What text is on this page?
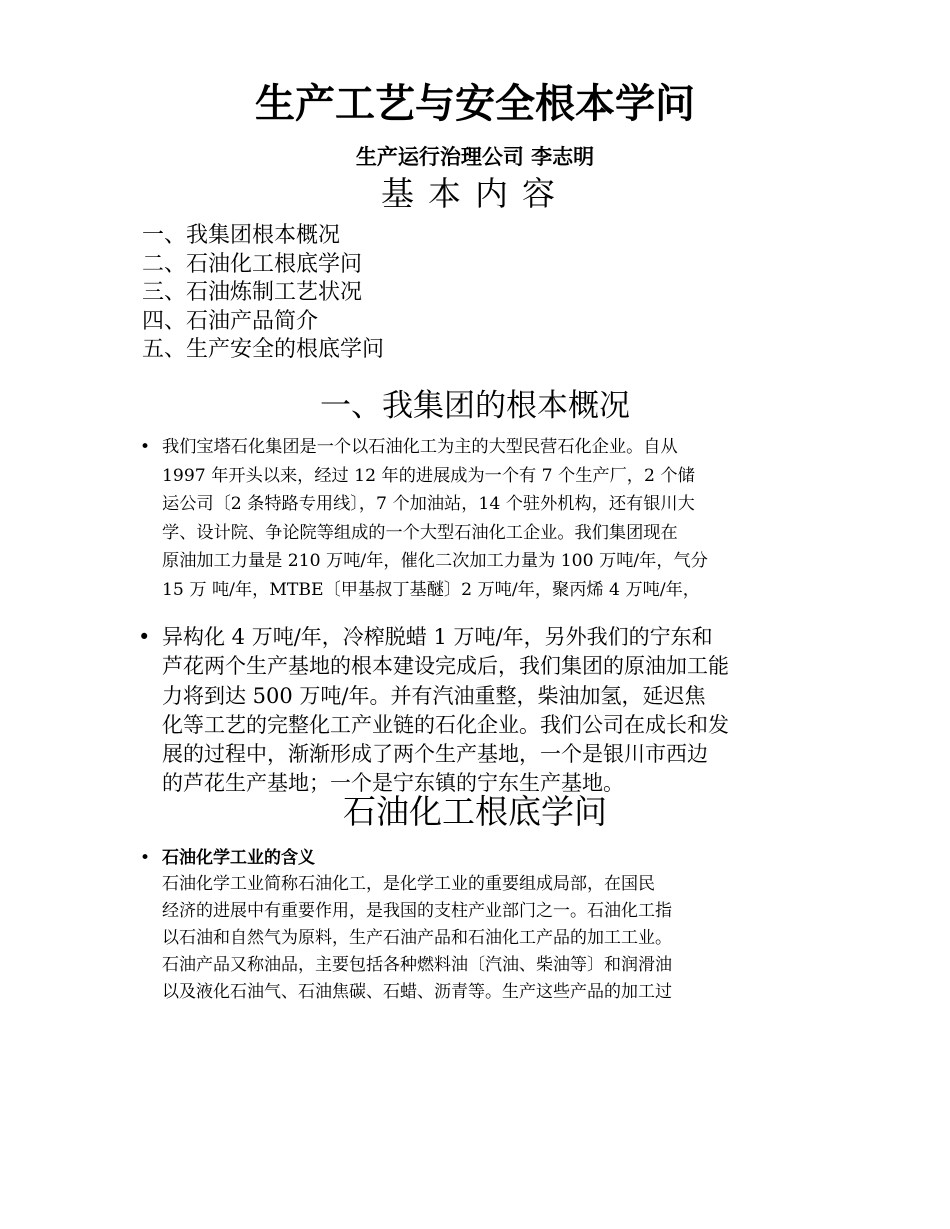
生产工艺与安全根本学问
生产运行治理公司 李志明
基本内容
一、我集团根本概况
二、石油化工根底学问
三、石油炼制工艺状况
四、石油产品简介
五、生产安全的根底学问
一、我集团的根本概况
• 我们宝塔石化集团是一个以石油化工为主的大型民营石化企业。自从
1997 年开头以来，经过 12 年的进展成为一个有 7 个生产厂，2 个储
运公司〔2 条特路专用线〕，7 个加油站，14 个驻外机构，还有银川大
学、设计院、争论院等组成的一个大型石油化工企业。我们集团现在
原油加工力量是 210 万吨/年，催化二次加工力量为 100 万吨/年，气分
15 万 吨/年，MTBE〔甲基叔丁基醚〕2 万吨/年，聚丙烯 4 万吨/年，
• 异构化 4 万吨/年，冷榨脱蜡 1 万吨/年，另外我们的宁东和
芦花两个生产基地的根本建设完成后，我们集团的原油加工能
力将到达 500 万吨/年。并有汽油重整，柴油加氢，延迟焦
化等工艺的完整化工产业链的石化企业。我们公司在成长和发
展的过程中，渐渐形成了两个生产基地，一个是银川市西边
的芦花生产基地；一个是宁东镇的宁东生产基地。
石油化工根底学问
• 石油化学工业的含义
石油化学工业简称石油化工，是化学工业的重要组成局部，在国民
经济的进展中有重要作用，是我国的支柱产业部门之一。石油化工指
以石油和自然气为原料，生产石油产品和石油化工产品的加工工业。
石油产品又称油品，主要包括各种燃料油〔汽油、柴油等〕和润滑油
以及液化石油气、石油焦碳、石蜡、沥青等。生产这些产品的加工过
